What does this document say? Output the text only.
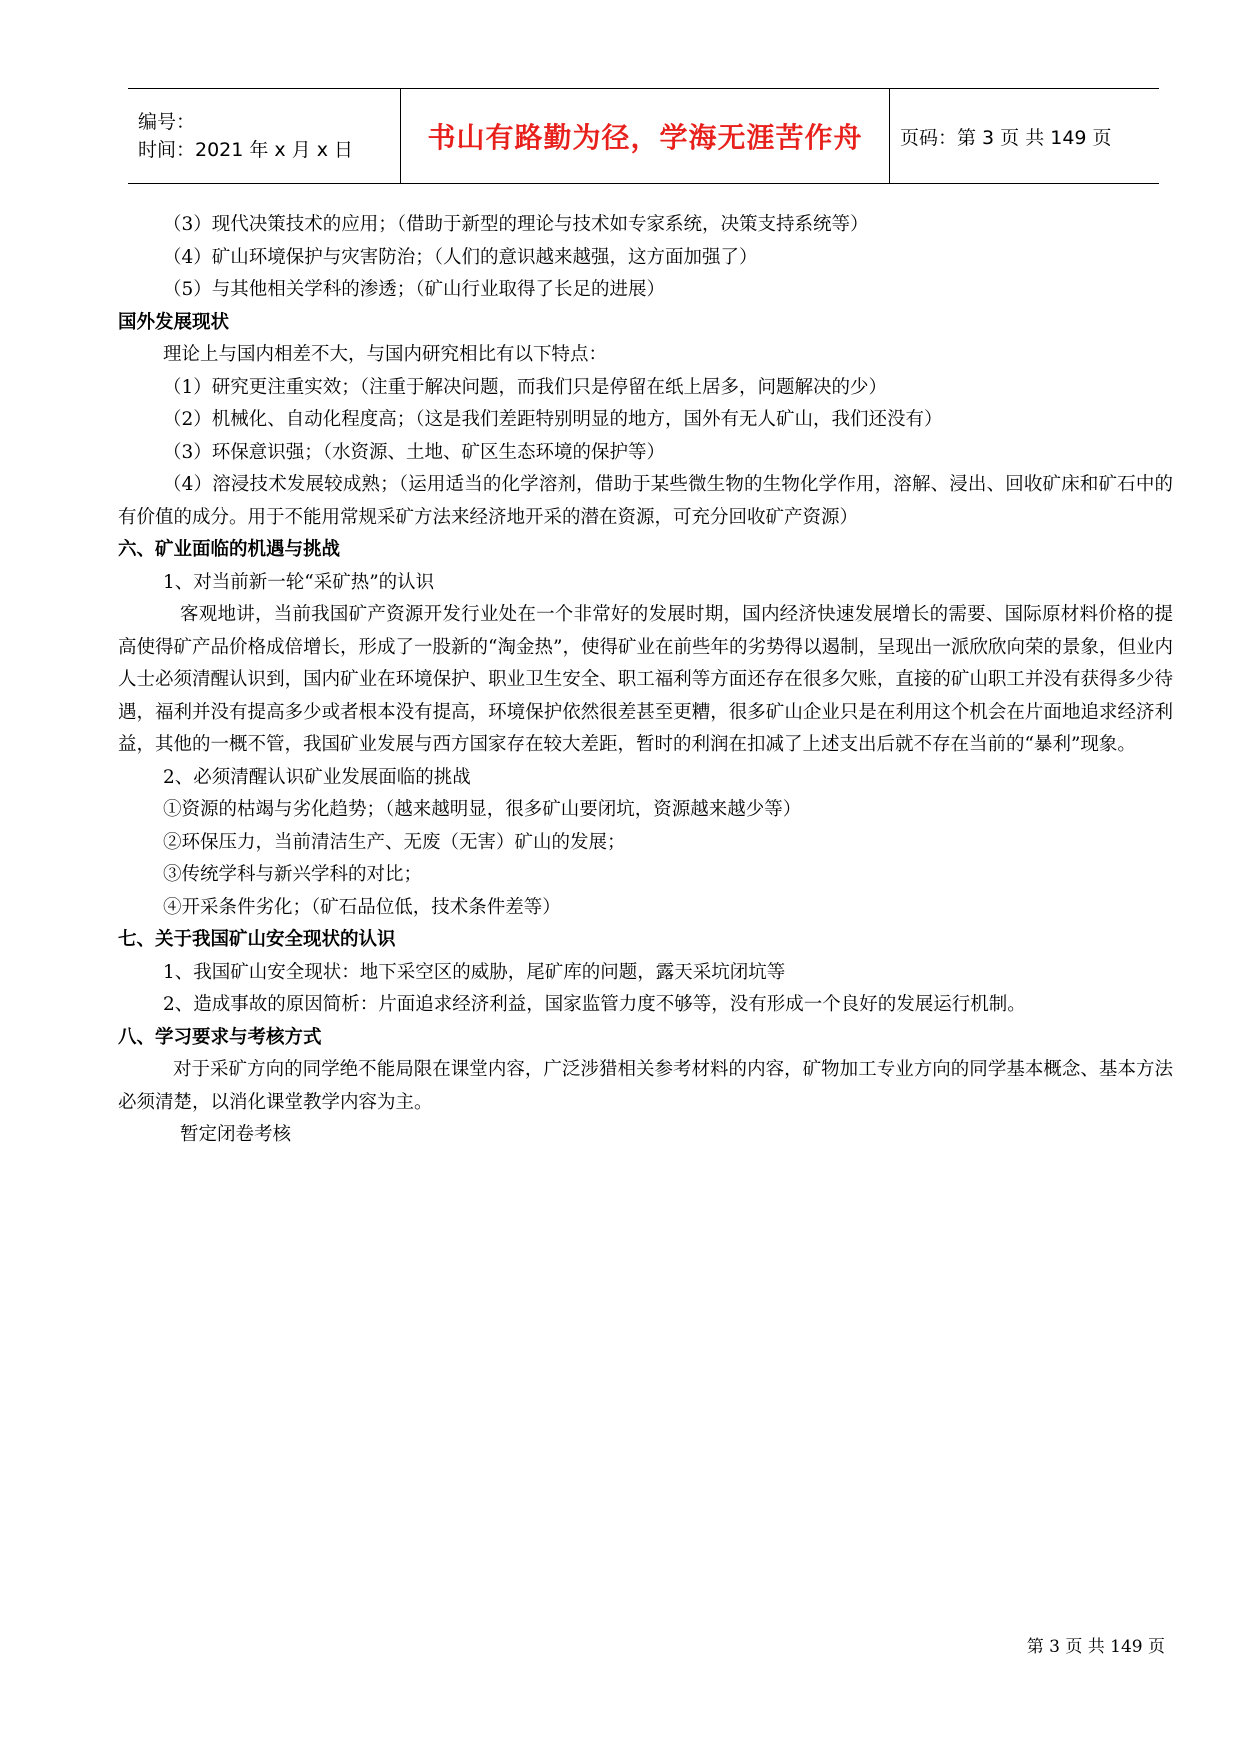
编号：
时间：2021 年 x 月 x 日	书山有路勤为径，学海无涯苦作舟 页码：第 3 页 共 149 页

（3）现代决策技术的应用；（借助于新型的理论与技术如专家系统，决策支持系统等）

（4）矿山环境保护与灾害防治；（人们的意识越来越强，这方面加强了）

（5）与其他相关学科的渗透；（矿山行业取得了长足的进展）

国外发展现状

理论上与国内相差不大，与国内研究相比有以下特点：

（1）研究更注重实效；（注重于解决问题，而我们只是停留在纸上居多，问题解决的少）

（2）机械化、自动化程度高；（这是我们差距特别明显的地方，国外有无人矿山，我们还没有）

（3）环保意识强；（水资源、土地、矿区生态环境的保护等）

（4）溶浸技术发展较成熟；（运用适当的化学溶剂，借助于某些微生物的生物化学作用，溶解、浸出、回收矿床和矿石中的有价值的成分。用于不能用常规采矿方法来经济地开采的潜在资源，可充分回收矿产资源）

六、矿业面临的机遇与挑战

1、对当前新一轮“采矿热”的认识

客观地讲，当前我国矿产资源开发行业处在一个非常好的发展时期，国内经济快速发展增长的需要、国际原材料价格的提高使得矿产品价格成倍增长，形成了一股新的“淘金热”，使得矿业在前些年的劣势得以遏制，呈现出一派欣欣向荣的景象，但业内人士必须清醒认识到，国内矿业在环境保护、职业卫生安全、职工福利等方面还存在很多欠账，直接的矿山职工并没有获得多少待遇，福利并没有提高多少或者根本没有提高，环境保护依然很差甚至更糟，很多矿山企业只是在利用这个机会在片面地追求经济利益，其他的一概不管，我国矿业发展与西方国家存在较大差距，暂时的利润在扣减了上述支出后就不存在当前的“暴利”现象。

2、必须清醒认识矿业发展面临的挑战

①资源的枯竭与劣化趋势；（越来越明显，很多矿山要闭坑，资源越来越少等）

②环保压力，当前清洁生产、无废（无害）矿山的发展；

③传统学科与新兴学科的对比；

④开采条件劣化；（矿石品位低，技术条件差等）

七、关于我国矿山安全现状的认识

1、我国矿山安全现状：地下采空区的威胁，尾矿库的问题，露天采坑闭坑等

2、造成事故的原因简析：片面追求经济利益，国家监管力度不够等，没有形成一个良好的发展运行机制。

八、学习要求与考核方式

对于采矿方向的同学绝不能局限在课堂内容，广泛涉猎相关参考材料的内容，矿物加工专业方向的同学基本概念、基本方法必须清楚，以消化课堂教学内容为主。

暂定闭卷考核

第 3 页 共 149 页
